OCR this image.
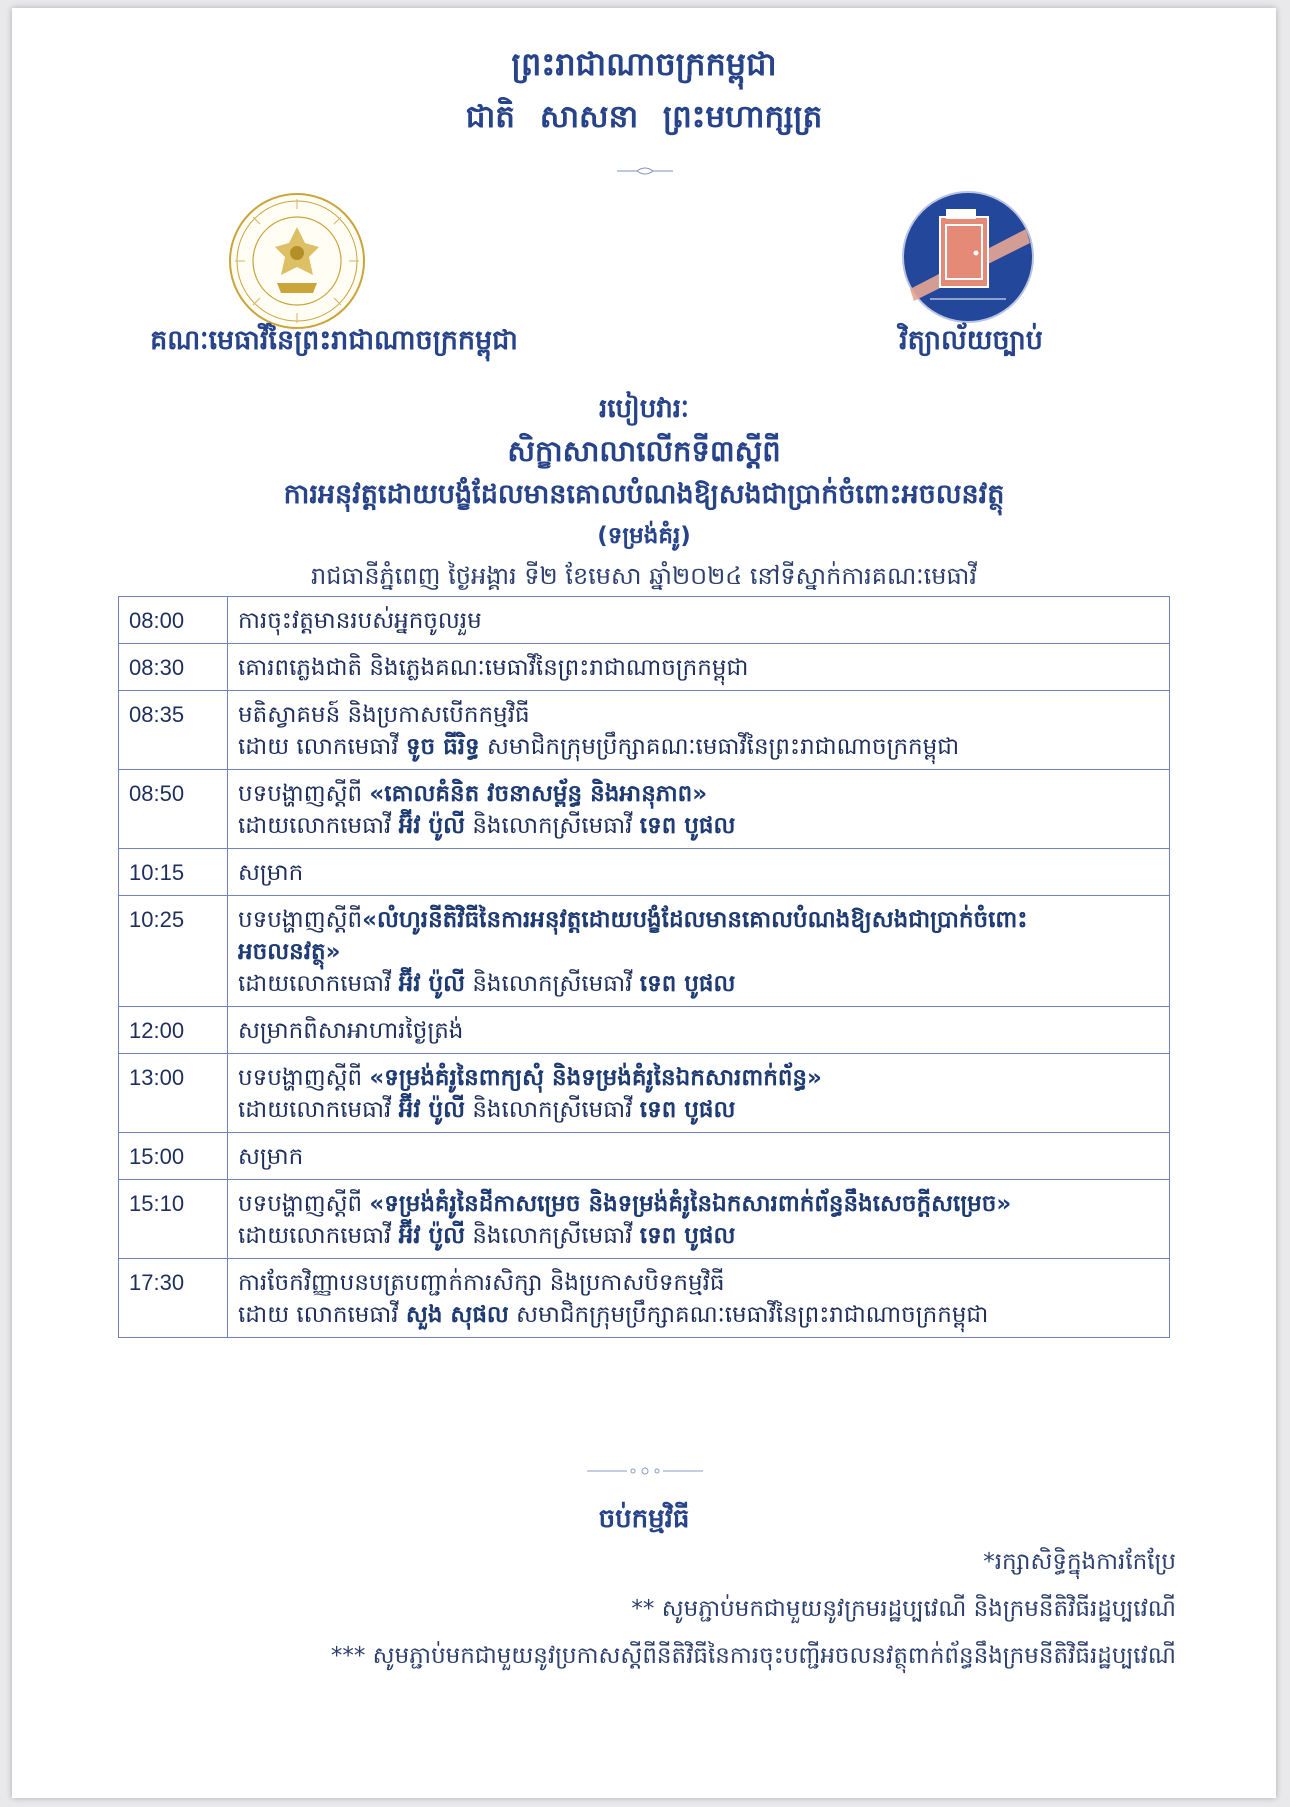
ព្រះរាជាណាចក្រកម្ពុជា
ជាតិ សាសនា ព្រះមហាក្សត្រ
គណៈមេធាវីនៃព្រះរាជាណាចក្រកម្ពុជា	វិត្យាល័យច្បាប់
របៀបវារៈ
សិក្ខាសាលាលើកទី៣ស្តីពី
ការអនុវត្តដោយបង្ខំដែលមានគោលបំណងឱ្យសងជាប្រាក់ចំពោះអចលនវត្ថុ
(ទម្រង់គំរូ)
រាជធានីភ្នំពេញ ថ្ងៃអង្គារ ទី២ ខែមេសា ឆ្នាំ២០២៤ នៅទីស្នាក់ការគណៈមេធាវី
08:00	ការចុះវត្តមានរបស់អ្នកចូលរួម

08:30	គោរពភ្លេងជាតិ និងភ្លេងគណៈមេធាវីនៃព្រះរាជាណាចក្រកម្ពុជា

08:35	មតិស្វាគមន៍ និងប្រកាសបើកកម្មវិធី
ដោយ លោកមេធាវី ទូច ធីរិទ្ធ សមាជិកក្រុមប្រឹក្សាគណៈមេធាវីនៃព្រះរាជាណាចក្រកម្ពុជា

08:50	បទបង្ហាញស្តីពី «គោលគំនិត វចនាសម្ព័ន្ធ និងអានុភាព»
ដោយលោកមេធាវី អ៊ីវ ប៉ូលី និងលោកស្រីមេធាវី ទេព បូផល

10:15	សម្រាក

10:25	បទបង្ហាញស្តីពី«លំហូរនីតិវិធីនៃការអនុវត្តដោយបង្ខំដែលមានគោលបំណងឱ្យសងជាប្រាក់ចំពោះ
អចលនវត្ថុ»
ដោយលោកមេធាវី អ៊ីវ ប៉ូលី និងលោកស្រីមេធាវី ទេព បូផល

12:00	សម្រាកពិសាអាហារថ្ងៃត្រង់

13:00	បទបង្ហាញស្តីពី «ទម្រង់គំរូនៃពាក្យសុំ និងទម្រង់គំរូនៃឯកសារពាក់ព័ន្ធ»
ដោយលោកមេធាវី អ៊ីវ ប៉ូលី និងលោកស្រីមេធាវី ទេព បូផល

15:00	សម្រាក

15:10	បទបង្ហាញស្តីពី «ទម្រង់គំរូនៃដីកាសម្រេច និងទម្រង់គំរូនៃឯកសារពាក់ព័ន្ធនឹងសេចក្តីសម្រេច»
ដោយលោកមេធាវី អ៊ីវ ប៉ូលី និងលោកស្រីមេធាវី ទេព បូផល

17:30	ការចែកវិញ្ញាបនបត្របញ្ជាក់ការសិក្សា និងប្រកាសបិទកម្មវិធី
ដោយ លោកមេធាវី សួង សុផល សមាជិកក្រុមប្រឹក្សាគណៈមេធាវីនៃព្រះរាជាណាចក្រកម្ពុជា
ចប់កម្មវិធី
*រក្សាសិទ្ធិក្នុងការកែប្រែ
** សូមភ្ជាប់មកជាមួយនូវក្រមរដ្ឋប្បវេណី និងក្រមនីតិវិធីរដ្ឋប្បវេណី
*** សូមភ្ជាប់មកជាមួយនូវប្រកាសស្តីពីនីតិវិធីនៃការចុះបញ្ជីអចលនវត្ថុពាក់ព័ន្ធនឹងក្រមនីតិវិធីរដ្ឋប្បវេណី
